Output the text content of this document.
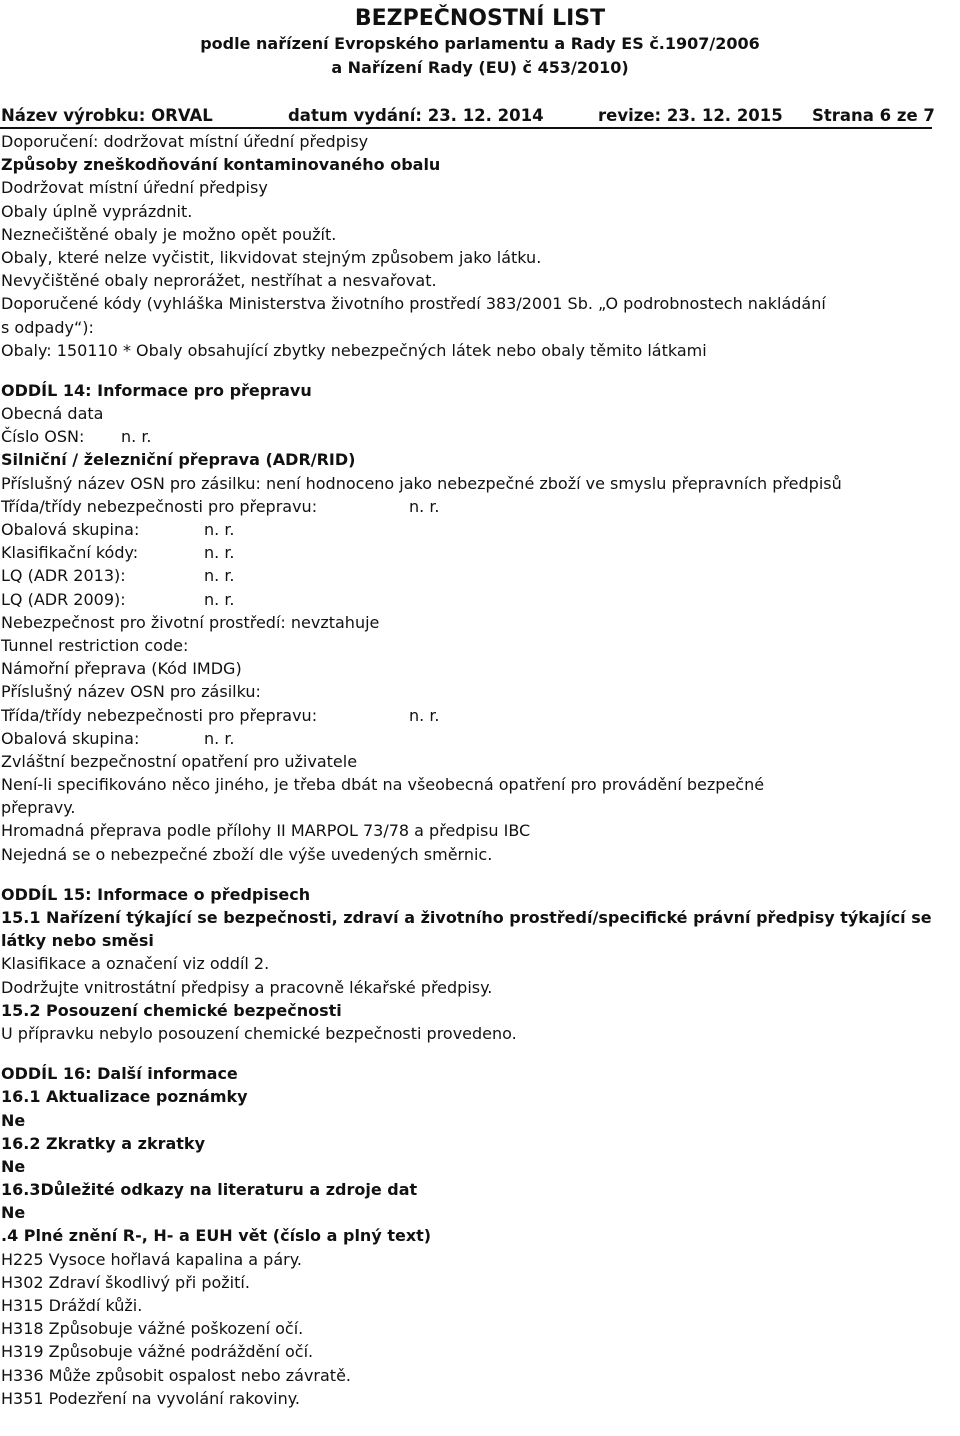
BEZPEČNOSTNÍ LIST
podle nařízení Evropského parlamentu a Rady ES č.1907/2006
a Nařízení Rady (EU) č 453/2010)
Název výrobku: ORVAL	datum vydání: 23. 12. 2014	revize: 23. 12. 2015 Strana 6 ze 7
Doporučení: dodržovat místní úřední předpisy
Způsoby zneškodňování kontaminovaného obalu
Dodržovat místní úřední předpisy
Obaly úplně vyprázdnit.
Neznečištěné obaly je možno opět použít.
Obaly, které nelze vyčistit, likvidovat stejným způsobem jako látku.
Nevyčištěné obaly neprorážet, nestříhat a nesvařovat.
Doporučené kódy (vyhláška Ministerstva životního prostředí 383/2001 Sb. „O podrobnostech nakládání
s odpady“):
Obaly: 150110 * Obaly obsahující zbytky nebezpečných látek nebo obaly těmito látkami
ODDÍL 14: Informace pro přepravu
Obecná data
Číslo OSN: n. r.
Silniční / železniční přeprava (ADR/RID)
Příslušný název OSN pro zásilku: není hodnoceno jako nebezpečné zboží ve smyslu přepravních předpisů
Třída/třídy nebezpečnosti pro přepravu:	n. r.
Obalová skupina:	n. r.
Klasifikační kódy:	n. r.
LQ (ADR 2013):	n. r.
LQ (ADR 2009):	n. r.
Nebezpečnost pro životní prostředí: nevztahuje
Tunnel restriction code:
Námořní přeprava (Kód IMDG)
Příslušný název OSN pro zásilku:
Třída/třídy nebezpečnosti pro přepravu:	n. r.
Obalová skupina:	n. r.
Zvláštní bezpečnostní opatření pro uživatele
Není-li specifikováno něco jiného, je třeba dbát na všeobecná opatření pro provádění bezpečné
přepravy.
Hromadná přeprava podle přílohy II MARPOL 73/78 a předpisu IBC
Nejedná se o nebezpečné zboží dle výše uvedených směrnic.
ODDÍL 15: Informace o předpisech
15.1 Nařízení týkající se bezpečnosti, zdraví a životního prostředí/specifické právní předpisy týkající se
látky nebo směsi
Klasifikace a označení viz oddíl 2.
Dodržujte vnitrostátní předpisy a pracovně lékařské předpisy.
15.2 Posouzení chemické bezpečnosti
U přípravku nebylo posouzení chemické bezpečnosti provedeno.
ODDÍL 16: Další informace
16.1 Aktualizace poznámky
Ne
16.2 Zkratky a zkratky
Ne
16.3Důležité odkazy na literaturu a zdroje dat
Ne
.4 Plné znění R-, H- a EUH vět (číslo a plný text)
H225 Vysoce hořlavá kapalina a páry.
H302 Zdraví škodlivý při požití.
H315 Dráždí kůži.
H318 Způsobuje vážné poškození očí.
H319 Způsobuje vážné podráždění očí.
H336 Může způsobit ospalost nebo závratě.
H351 Podezření na vyvolání rakoviny.
